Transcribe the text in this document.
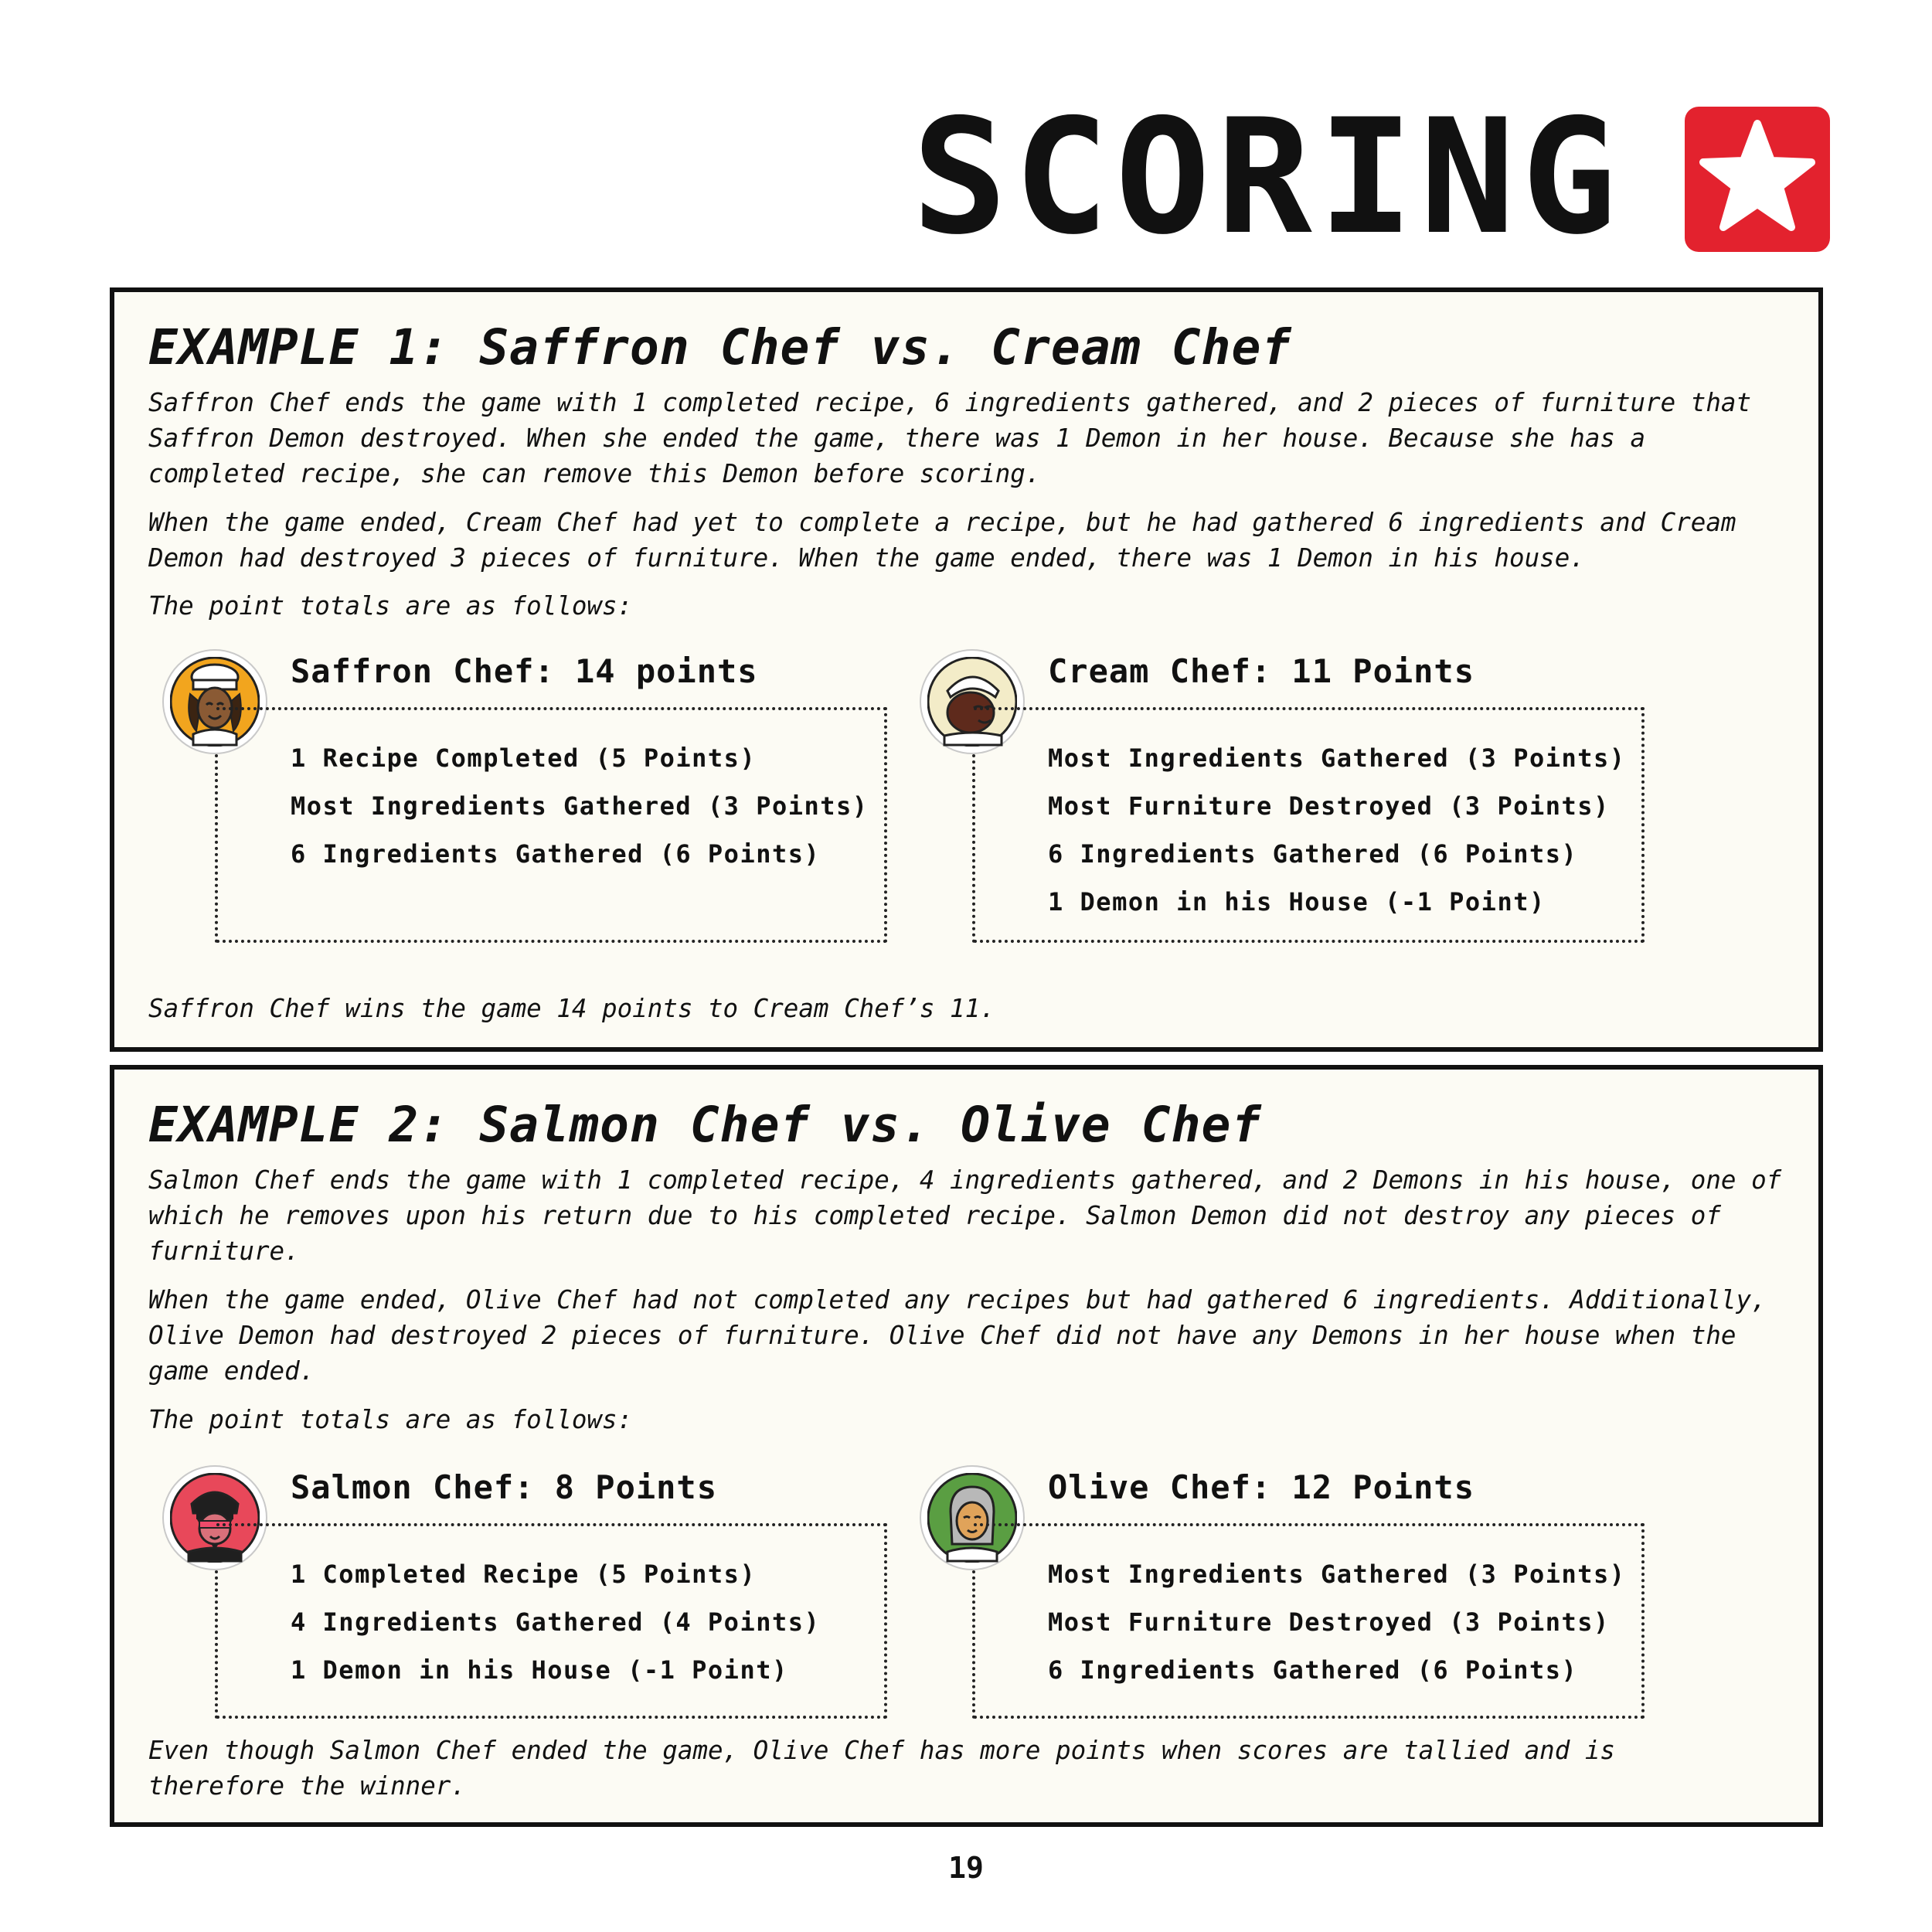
SCORING
EXAMPLE 1: Saffron Chef vs. Cream Chef

Saffron Chef ends the game with 1 completed recipe, 6 ingredients gathered, and 2 pieces of furniture that Saffron Demon destroyed. When she ended the game, there was 1 Demon in her house. Because she has a completed recipe, she can remove this Demon before scoring.

When the game ended, Cream Chef had yet to complete a recipe, but he had gathered 6 ingredients and Cream Demon had destroyed 3 pieces of furniture. When the game ended, there was 1 Demon in his house.

The point totals are as follows:

Saffron Chef: 14 points
1 Recipe Completed (5 Points)
Most Ingredients Gathered (3 Points)
6 Ingredients Gathered (6 Points)
Cream Chef: 11 Points
Most Ingredients Gathered (3 Points)
Most Furniture Destroyed (3 Points)
6 Ingredients Gathered (6 Points)
1 Demon in his House (-1 Point)

Saffron Chef wins the game 14 points to Cream Chef’s 11.

EXAMPLE 2: Salmon Chef vs. Olive Chef

Salmon Chef ends the game with 1 completed recipe, 4 ingredients gathered, and 2 Demons in his house, one of which he removes upon his return due to his completed recipe. Salmon Demon did not destroy any pieces of furniture.

When the game ended, Olive Chef had not completed any recipes but had gathered 6 ingredients. Additionally, Olive Demon had destroyed 2 pieces of furniture. Olive Chef did not have any Demons in her house when the game ended.

The point totals are as follows:

Salmon Chef: 8 Points
1 Completed Recipe (5 Points)
4 Ingredients Gathered (4 Points)
1 Demon in his House (-1 Point)
Olive Chef: 12 Points
Most Ingredients Gathered (3 Points)
Most Furniture Destroyed (3 Points)
6 Ingredients Gathered (6 Points)

Even though Salmon Chef ended the game, Olive Chef has more points when scores are tallied and is therefore the winner.

19
